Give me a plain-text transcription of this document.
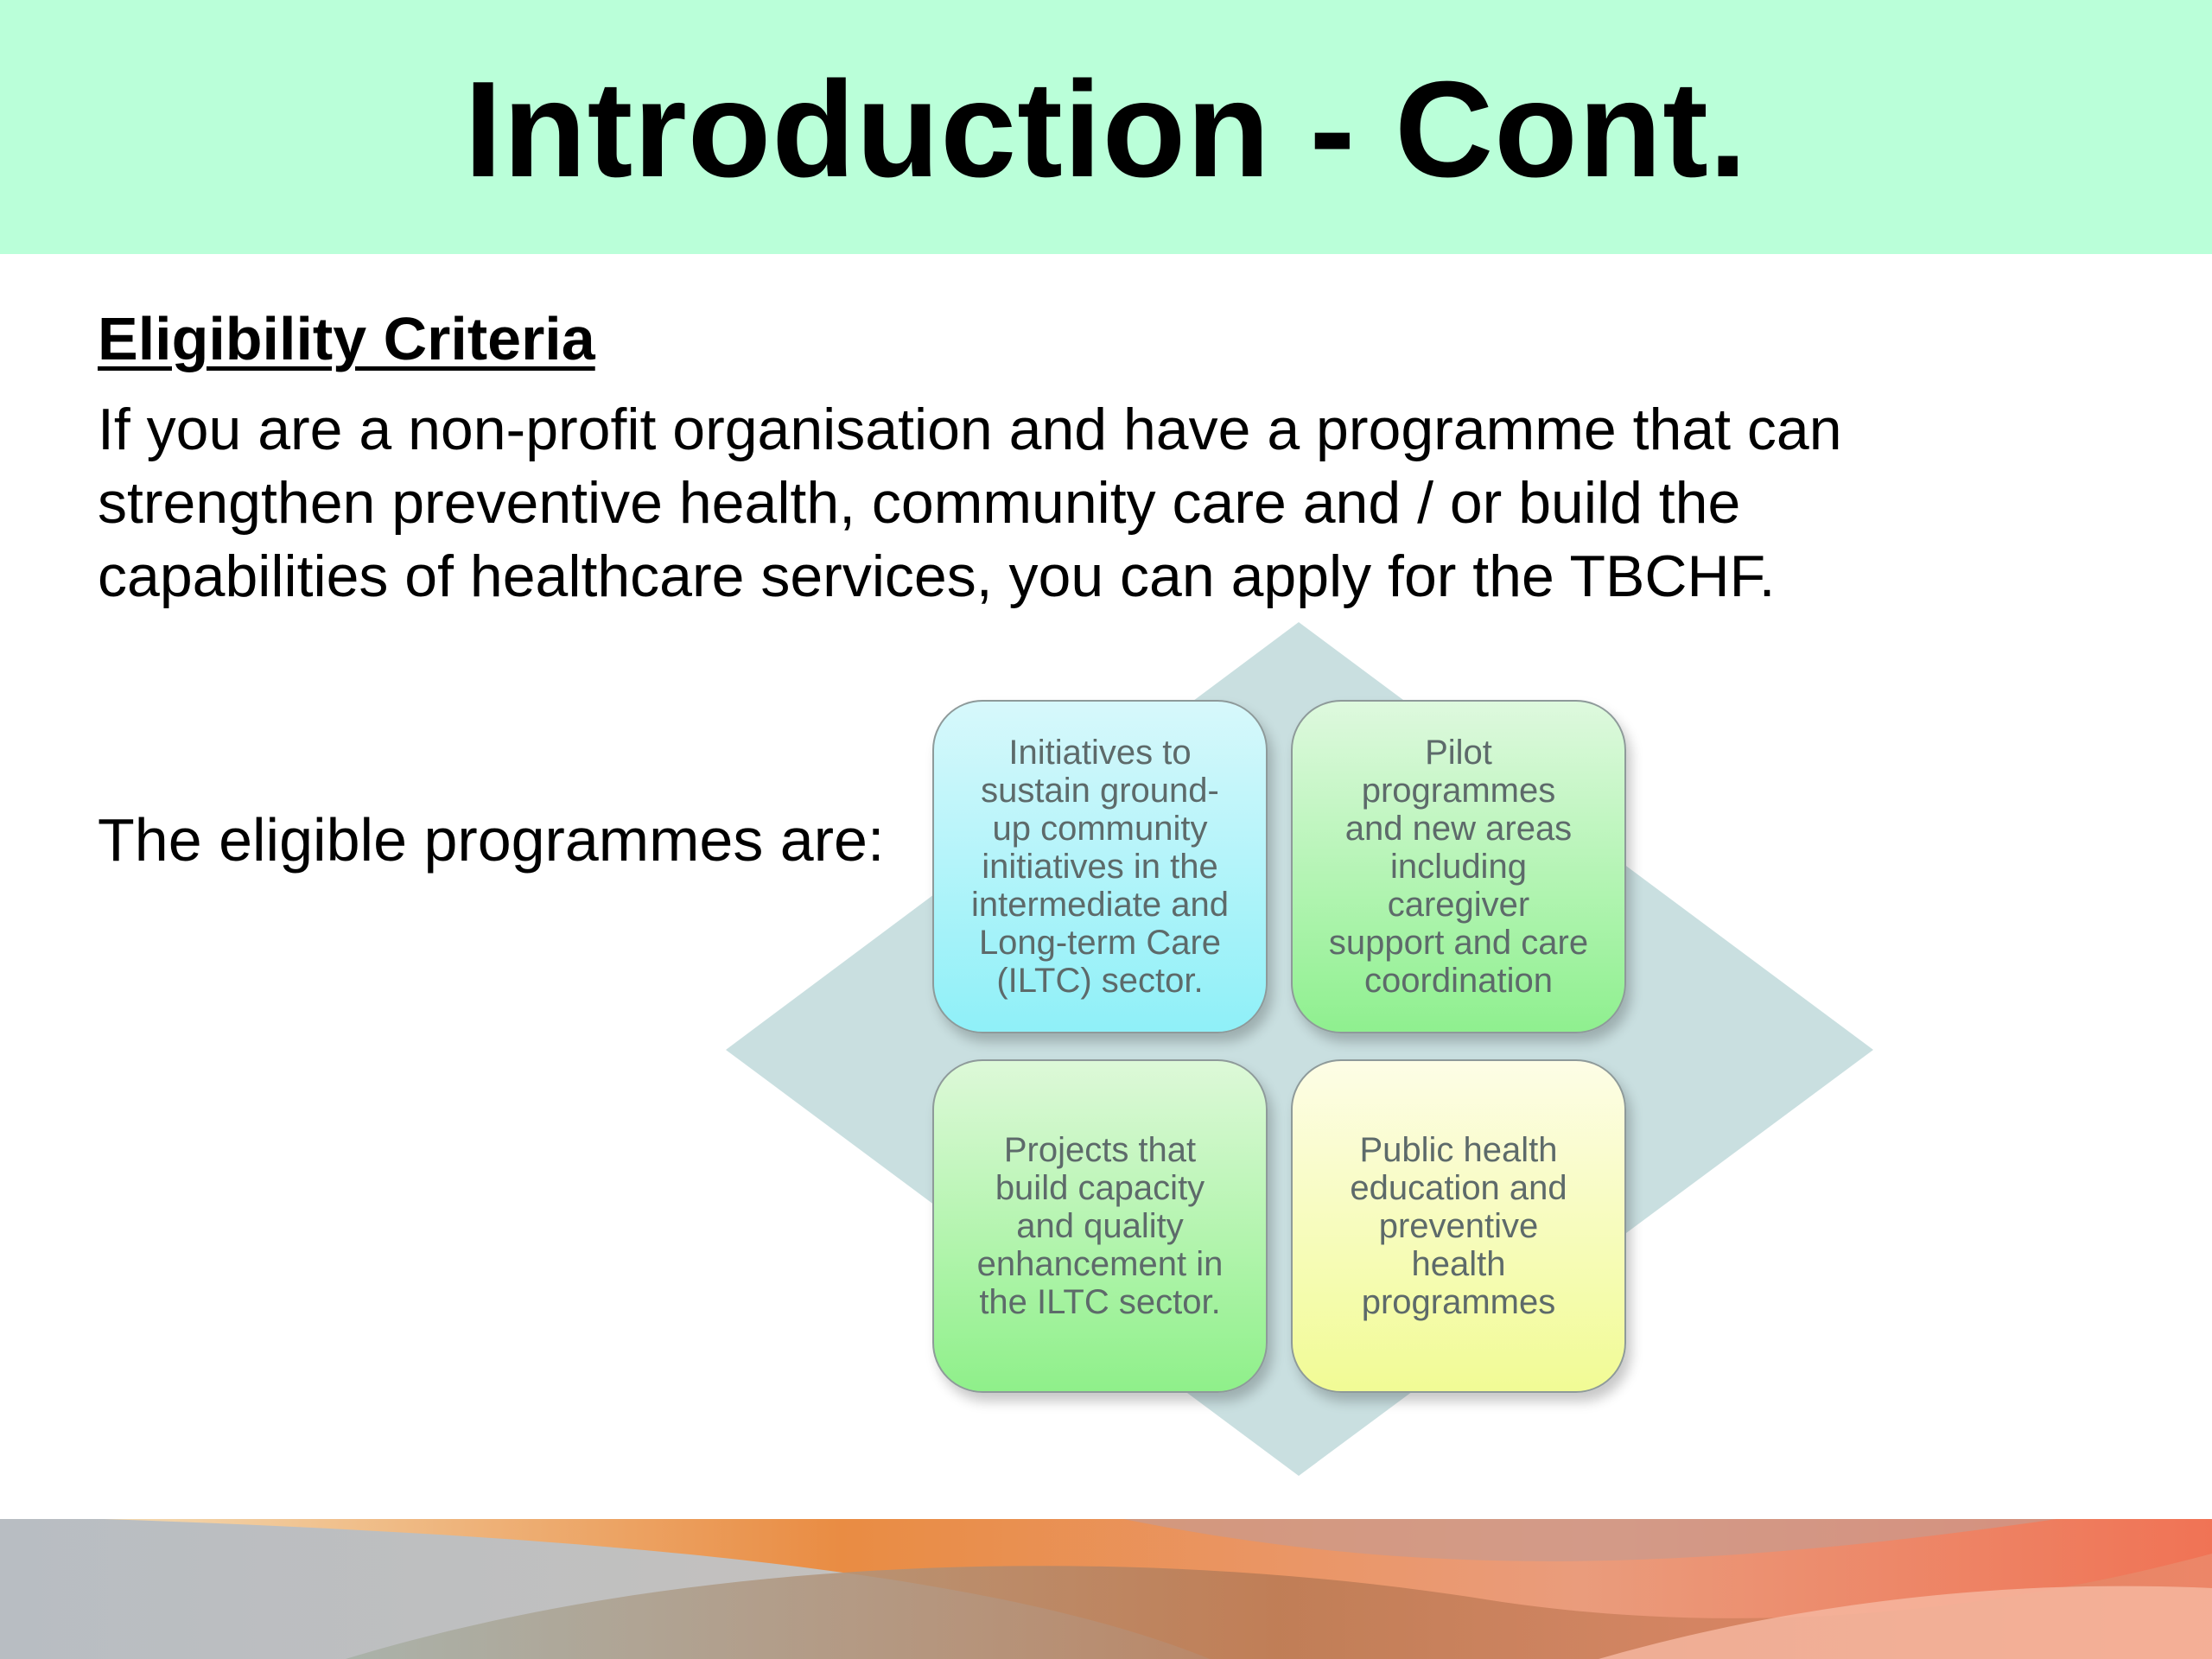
Introduction - Cont.
Eligibility Criteria

If you are a non-profit organisation and have a programme that can

strengthen preventive health, community care and / or build the

capabilities of healthcare services, you can apply for the TBCHF.

The eligible programmes are:
Initiatives to
sustain ground-
up community
initiatives in the
intermediate and
Long-term Care
(ILTC) sector.
Pilot
programmes
and new areas
including
caregiver
support and care
coordination
Projects that
build capacity
and quality
enhancement in
the ILTC sector.
Public health
education and
preventive
health
programmes
